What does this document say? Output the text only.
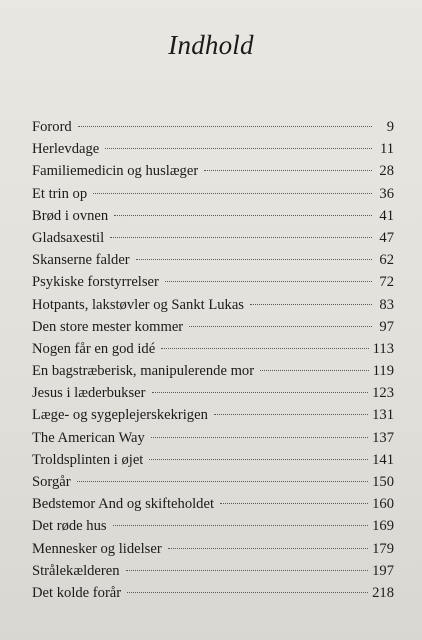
Indhold
Forord	9
Herlevdage	11
Familiemedicin og huslæger	28
Et trin op	36
Brød i ovnen	41
Gladsaxestil	47
Skanserne falder	62
Psykiske forstyrrelser	72
Hotpants, lakstøvler og Sankt Lukas	83
Den store mester kommer	97
Nogen får en god idé	113
En bagstræberisk, manipulerende mor	119
Jesus i læderbukser	123
Læge- og sygeplejerskekrigen	131
The American Way	137
Troldsplinten i øjet	141
Sorgår	150
Bedstemor And og skifteholdet	160
Det røde hus	169
Mennesker og lidelser	179
Strålekælderen	197
Det kolde forår	218
